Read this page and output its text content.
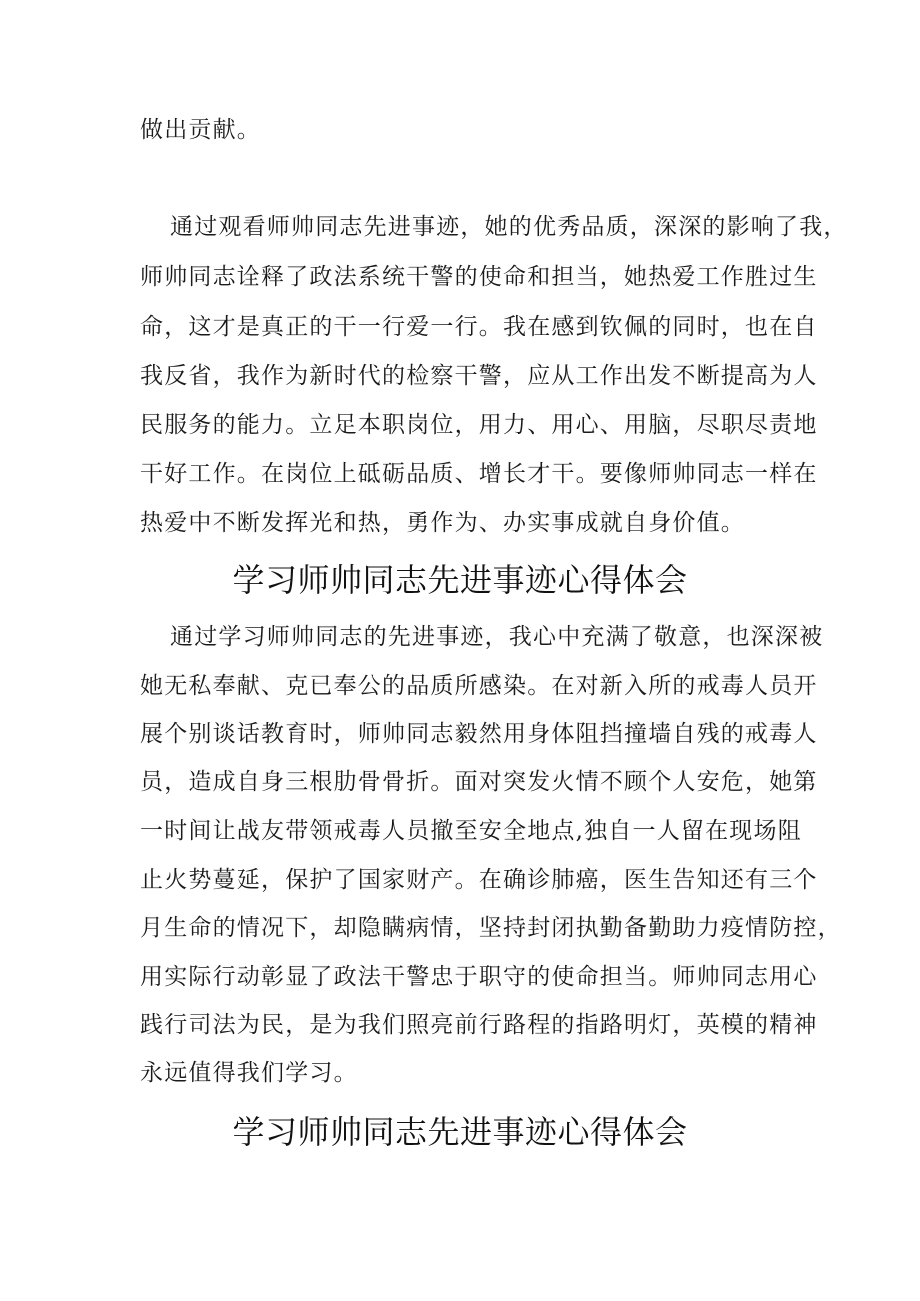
做出贡献。
通过观看师帅同志先进事迹，她的优秀品质，深深的影响了我，
师帅同志诠释了政法系统干警的使命和担当，她热爱工作胜过生
命，这才是真正的干一行爱一行。我在感到钦佩的同时，也在自
我反省，我作为新时代的检察干警，应从工作出发不断提高为人
民服务的能力。立足本职岗位，用力、用心、用脑，尽职尽责地
干好工作。在岗位上砥砺品质、增长才干。要像师帅同志一样在
热爱中不断发挥光和热，勇作为、办实事成就自身价值。
学习师帅同志先进事迹心得体会
通过学习师帅同志的先进事迹，我心中充满了敬意，也深深被
她无私奉献、克已奉公的品质所感染。在对新入所的戒毒人员开
展个别谈话教育时，师帅同志毅然用身体阻挡撞墙自残的戒毒人
员，造成自身三根肋骨骨折。面对突发火情不顾个人安危，她第
一时间让战友带领戒毒人员撤至安全地点,独自一人留在现场阻
止火势蔓延，保护了国家财产。在确诊肺癌，医生告知还有三个
月生命的情况下，却隐瞒病情，坚持封闭执勤备勤助力疫情防控，
用实际行动彰显了政法干警忠于职守的使命担当。师帅同志用心
践行司法为民，是为我们照亮前行路程的指路明灯，英模的精神
永远值得我们学习。
学习师帅同志先进事迹心得体会
